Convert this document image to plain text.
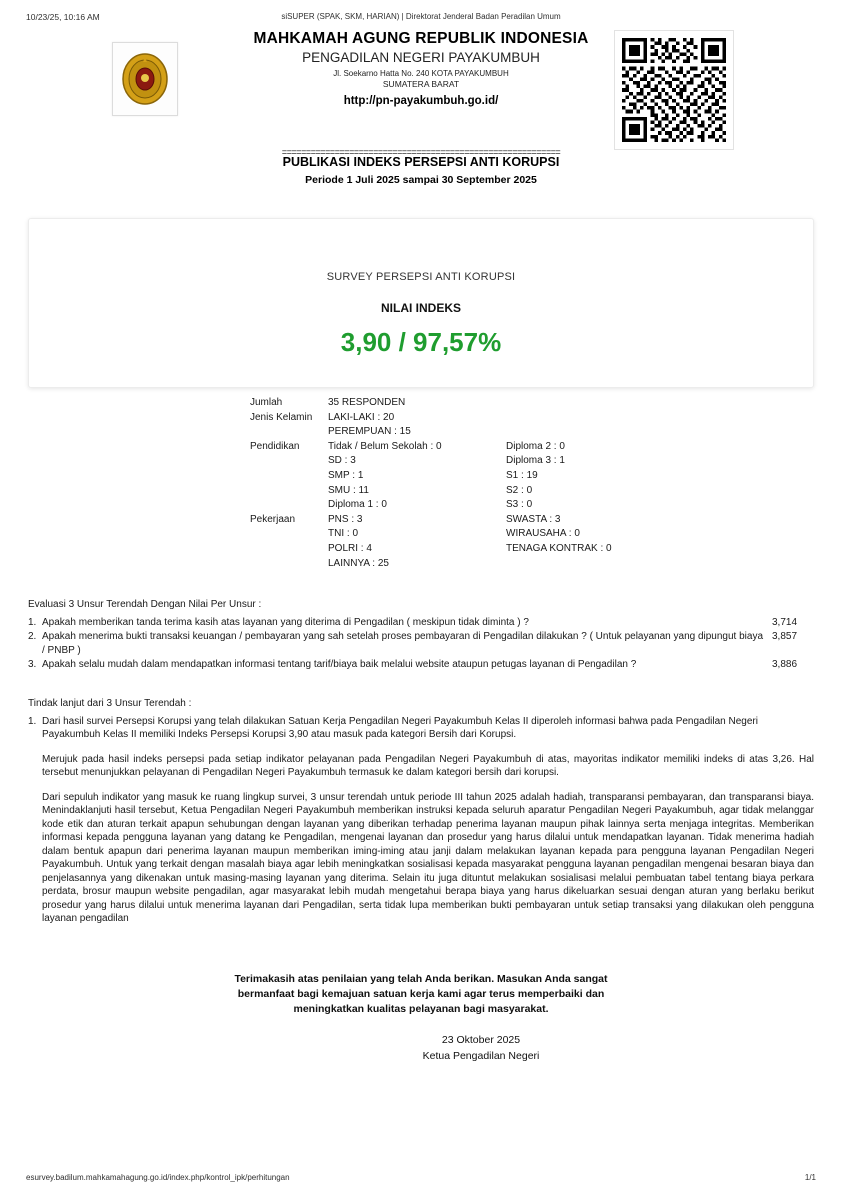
10/23/25, 10:16 AM	siSUPER (SPAK, SKM, HARIAN) | Direktorat Jenderal Badan Peradilan Umum
MAHKAMAH AGUNG REPUBLIK INDONESIA
PENGADILAN NEGERI PAYAKUMBUH
Jl. Soekarno Hatta No. 240 KOTA PAYAKUMBUH
SUMATERA BARAT
http://pn-payakumbuh.go.id/
==========================================================
PUBLIKASI INDEKS PERSEPSI ANTI KORUPSI
Periode 1 Juli 2025 sampai 30 September 2025
SURVEY PERSEPSI ANTI KORUPSI
NILAI INDEKS
3,90 / 97,57%
Jumlah	35 RESPONDEN
Jenis Kelamin	LAKI-LAKI : 20
PEREMPUAN : 15
Pendidikan	Tidak / Belum Sekolah : 0	Diploma 2 : 0
SD : 3	Diploma 3 : 1
SMP : 1	S1 : 19
SMU : 11	S2 : 0
Diploma 1 : 0	S3 : 0
Pekerjaan	PNS : 3	SWASTA : 3
TNI : 0	WIRAUSAHA : 0
POLRI : 4	TENAGA KONTRAK : 0
LAINNYA : 25
Evaluasi 3 Unsur Terendah Dengan Nilai Per Unsur :
1. Apakah memberikan tanda terima kasih atas layanan yang diterima di Pengadilan ( meskipun tidak diminta ) ?	3,714
2. Apakah menerima bukti transaksi keuangan / pembayaran yang sah setelah proses pembayaran di Pengadilan dilakukan ? ( Untuk pelayanan yang dipungut biaya / PNBP )
3,857
3. Apakah selalu mudah dalam mendapatkan informasi tentang tarif/biaya baik melalui website ataupun petugas layanan di Pengadilan ?	3,886
Tindak lanjut dari 3 Unsur Terendah :
1. Dari hasil survei Persepsi Korupsi yang telah dilakukan Satuan Kerja Pengadilan Negeri Payakumbuh Kelas II diperoleh informasi bahwa pada Pengadilan Negeri Payakumbuh Kelas II memiliki Indeks Persepsi Korupsi 3,90 atau masuk pada kategori Bersih dari Korupsi.
Merujuk pada hasil indeks persepsi pada setiap indikator pelayanan pada Pengadilan Negeri Payakumbuh di atas, mayoritas indikator memiliki indeks di atas 3,26. Hal tersebut menunjukkan pelayanan di Pengadilan Negeri Payakumbuh termasuk ke dalam kategori bersih dari korupsi.
Dari sepuluh indikator yang masuk ke ruang lingkup survei, 3 unsur terendah untuk periode III tahun 2025 adalah hadiah, transparansi pembayaran, dan transparansi biaya. Menindaklanjuti hasil tersebut, Ketua Pengadilan Negeri Payakumbuh memberikan instruksi kepada seluruh aparatur Pengadilan Negeri Payakumbuh, agar tidak melanggar kode etik dan aturan terkait apapun sehubungan dengan layanan yang diberikan terhadap penerima layanan maupun pihak lainnya serta menjaga integritas. Memberikan informasi kepada pengguna layanan yang datang ke Pengadilan, mengenai layanan dan prosedur yang harus dilalui untuk mendapatkan layanan. Tidak menerima hadiah dalam bentuk apapun dari penerima layanan maupun memberikan iming-iming atau janji dalam melakukan layanan kepada para pengguna layanan Pengadilan Negeri Payakumbuh. Untuk yang terkait dengan masalah biaya agar lebih meningkatkan sosialisasi kepada masyarakat pengguna layanan pengadilan mengenai besaran biaya dan penjelasannya yang dikenakan untuk masing-masing layanan yang diterima. Selain itu juga dituntut melakukan sosialisasi melalui pembuatan tabel tentang biaya perkara perdata, brosur maupun website pengadilan, agar masyarakat lebih mudah mengetahui berapa biaya yang harus dikeluarkan sesuai dengan aturan yang berlaku berikut prosedur yang harus dilalui untuk menerima layanan dari Pengadilan, serta tidak lupa memberikan bukti pembayaran untuk setiap transaksi yang dilakukan oleh pengguna layanan pengadilan
Terimakasih atas penilaian yang telah Anda berikan. Masukan Anda sangat
bermanfaat bagi kemajuan satuan kerja kami agar terus memperbaiki dan
meningkatkan kualitas pelayanan bagi masyarakat.
23 Oktober 2025
Ketua Pengadilan Negeri
esurvey.badilum.mahkamahagung.go.id/index.php/kontrol_ipk/perhitungan	1/1
